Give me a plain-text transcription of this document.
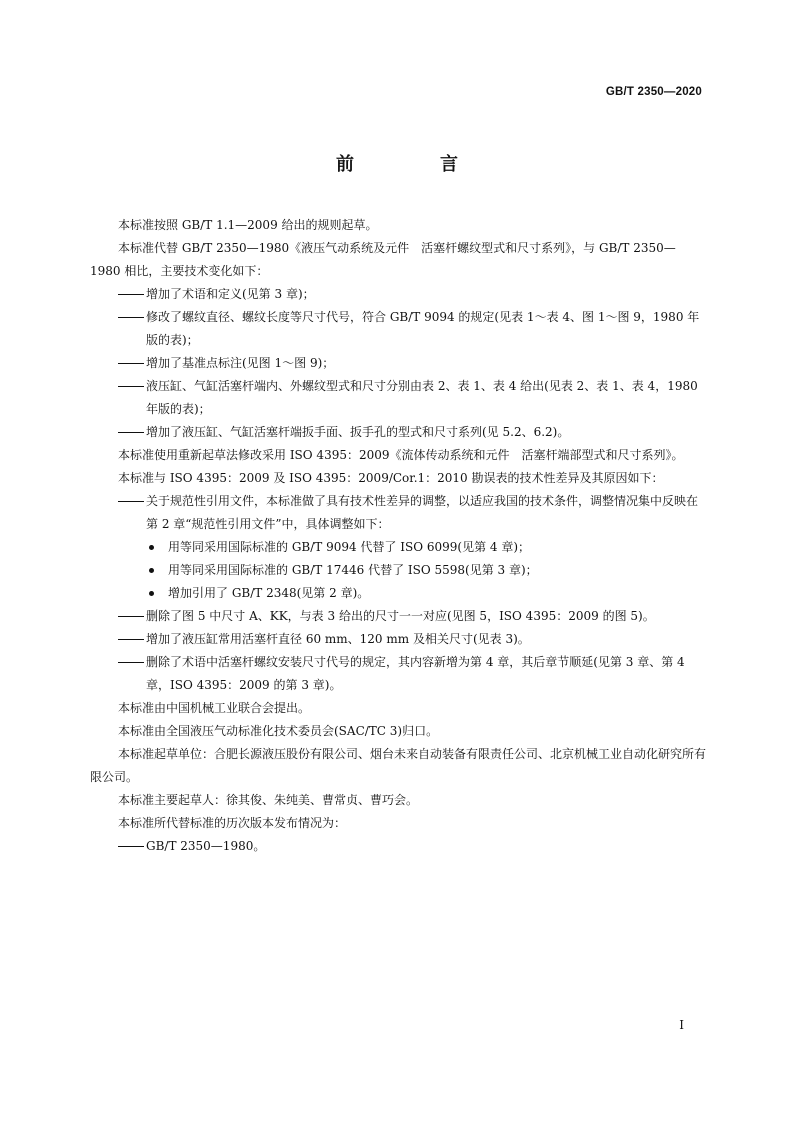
GB/T 2350—2020
前　言

本标准按照 GB/T 1.1—2009 给出的规则起草。

本标准代替 GB/T 2350—1980《液压气动系统及元件　活塞杆螺纹型式和尺寸系列》，与 GB/T 2350—1980 相比，主要技术变化如下：

增加了术语和定义(见第 3 章)；

修改了螺纹直径、螺纹长度等尺寸代号，符合 GB/T 9094 的规定(见表 1～表 4、图 1～图 9，1980 年版的表)；

增加了基准点标注(见图 1～图 9)；

液压缸、气缸活塞杆端内、外螺纹型式和尺寸分别由表 2、表 1、表 4 给出(见表 2、表 1、表 4，1980 年版的表)；

增加了液压缸、气缸活塞杆端扳手面、扳手孔的型式和尺寸系列(见 5.2、6.2)。

本标准使用重新起草法修改采用 ISO 4395：2009《流体传动系统和元件　活塞杆端部型式和尺寸系列》。

本标准与 ISO 4395：2009 及 ISO 4395：2009/Cor.1：2010 勘误表的技术性差异及其原因如下：

关于规范性引用文件，本标准做了具有技术性差异的调整，以适应我国的技术条件，调整情况集中反映在第 2 章“规范性引用文件”中，具体调整如下：

用等同采用国际标准的 GB/T 9094 代替了 ISO 6099(见第 4 章)；

用等同采用国际标准的 GB/T 17446 代替了 ISO 5598(见第 3 章)；

增加引用了 GB/T 2348(见第 2 章)。

删除了图 5 中尺寸 A、KK，与表 3 给出的尺寸一一对应(见图 5，ISO 4395：2009 的图 5)。

增加了液压缸常用活塞杆直径 60 mm、120 mm 及相关尺寸(见表 3)。

删除了术语中活塞杆螺纹安装尺寸代号的规定，其内容新增为第 4 章，其后章节顺延(见第 3 章、第 4 章，ISO 4395：2009 的第 3 章)。

本标准由中国机械工业联合会提出。

本标准由全国液压气动标准化技术委员会(SAC/TC 3)归口。

本标准起草单位：合肥长源液压股份有限公司、烟台未来自动装备有限责任公司、北京机械工业自动化研究所有限公司。

本标准主要起草人：徐其俊、朱纯美、曹常贞、曹巧会。

本标准所代替标准的历次版本发布情况为：

GB/T 2350—1980。

I
